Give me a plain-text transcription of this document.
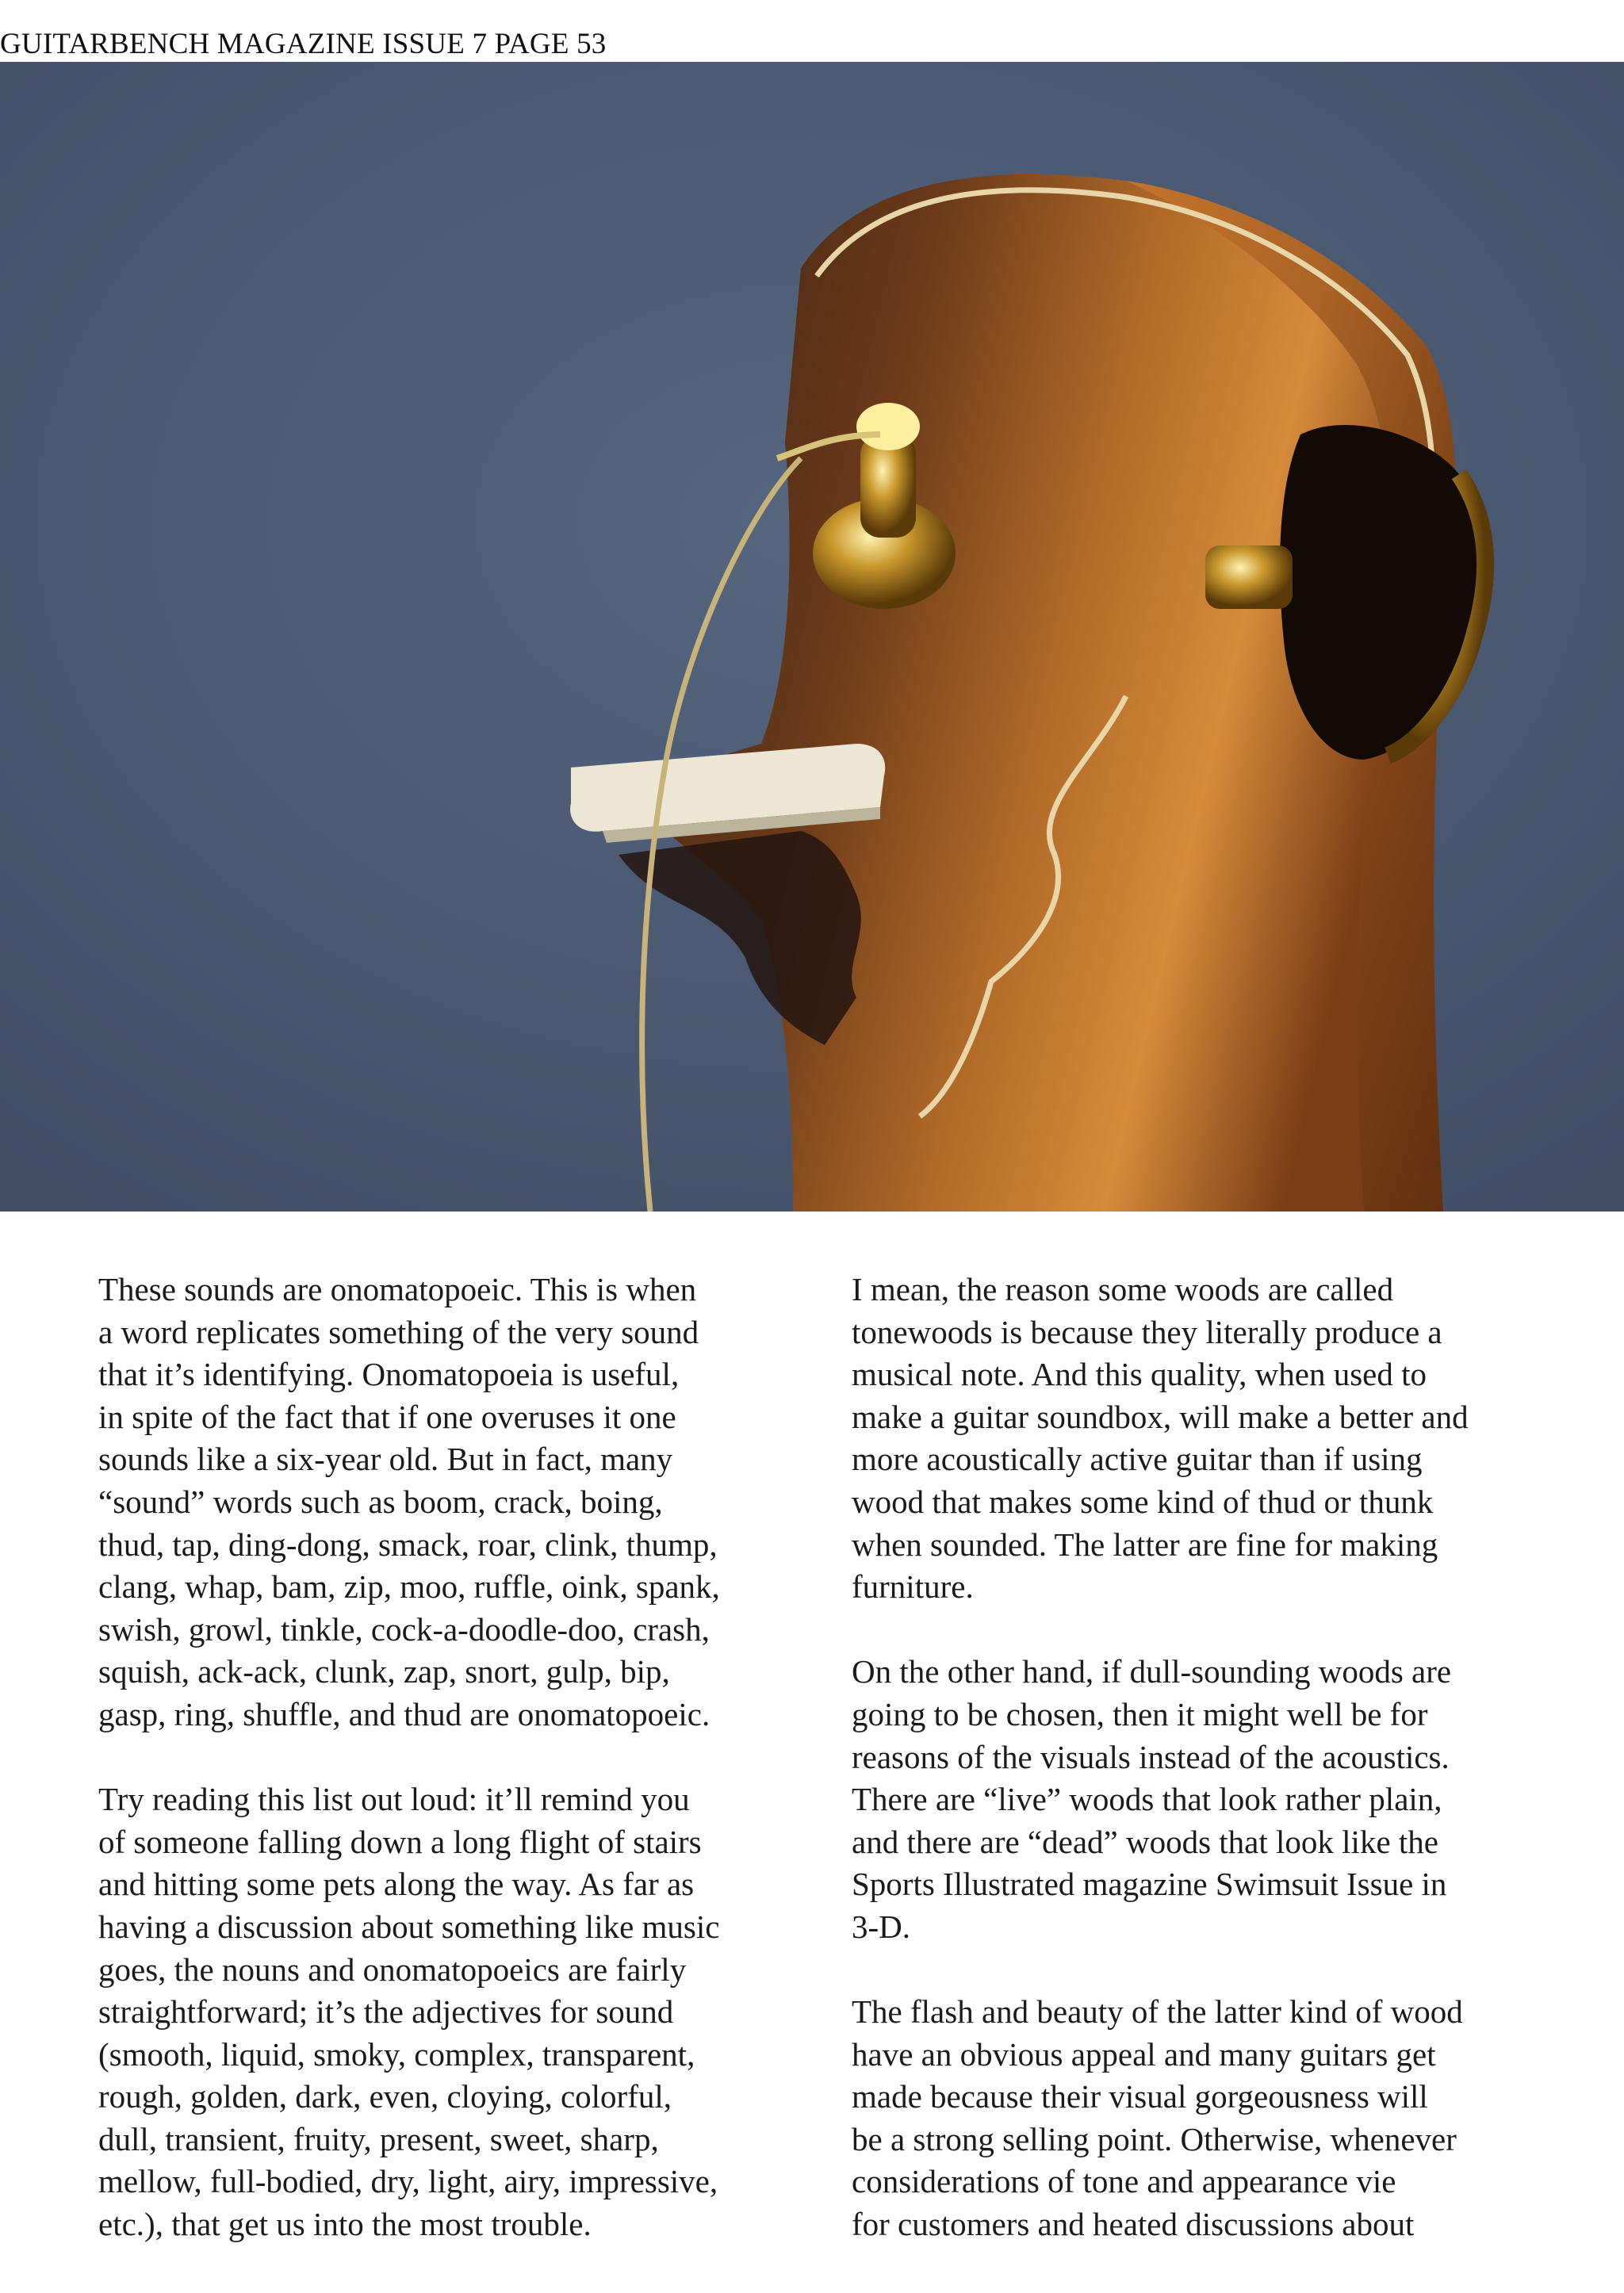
GUITARBENCH MAGAZINE ISSUE 7 PAGE 53

These sounds are onomatopoeic. This is when
a word replicates something of the very sound
that it’s identifying. Onomatopoeia is useful,
in spite of the fact that if one overuses it one
sounds like a six-year old. But in fact, many
“sound” words such as boom, crack, boing,
thud, tap, ding-dong, smack, roar, clink, thump,
clang, whap, bam, zip, moo, ruffle, oink, spank,
swish, growl, tinkle, cock-a-doodle-doo, crash,
squish, ack-ack, clunk, zap, snort, gulp, bip,
gasp, ring, shuffle, and thud are onomatopoeic.

Try reading this list out loud: it’ll remind you
of someone falling down a long flight of stairs
and hitting some pets along the way. As far as
having a discussion about something like music
goes, the nouns and onomatopoeics are fairly
straightforward; it’s the adjectives for sound
(smooth, liquid, smoky, complex, transparent,
rough, golden, dark, even, cloying, colorful,
dull, transient, fruity, present, sweet, sharp,
mellow, full-bodied, dry, light, airy, impressive,
etc.), that get us into the most trouble.

I mean, the reason some woods are called
tonewoods is because they literally produce a
musical note. And this quality, when used to
make a guitar soundbox, will make a better and
more acoustically active guitar than if using
wood that makes some kind of thud or thunk
when sounded. The latter are fine for making
furniture.

On the other hand, if dull-sounding woods are
going to be chosen, then it might well be for
reasons of the visuals instead of the acoustics.
There are “live” woods that look rather plain,
and there are “dead” woods that look like the
Sports Illustrated magazine Swimsuit Issue in
3-D.

The flash and beauty of the latter kind of wood
have an obvious appeal and many guitars get
made because their visual gorgeousness will
be a strong selling point. Otherwise, whenever
considerations of tone and appearance vie
for customers and heated discussions about
